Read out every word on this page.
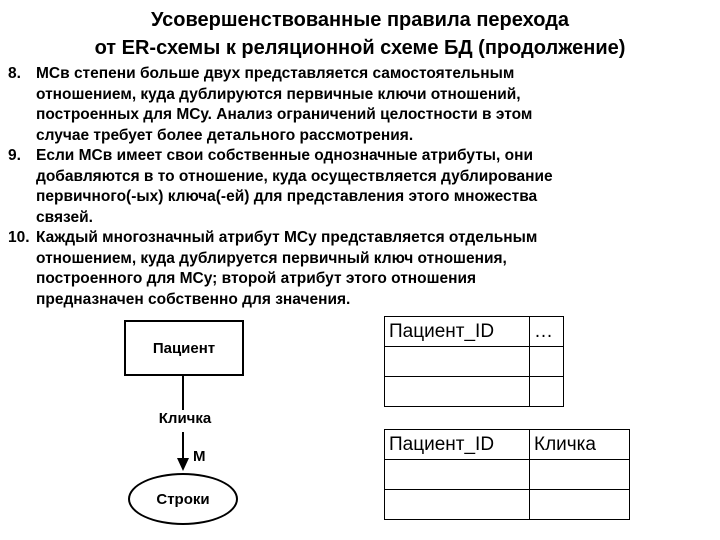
Усовершенствованные правила перехода
от ER-схемы к реляционной схеме БД (продолжение)
8. МСв степени больше двух представляется самостоятельным
отношением, куда дублируются первичные ключи отношений,
построенных для МСу. Анализ ограничений целостности в этом
случае требует более детального рассмотрения.
9. Если МСв имеет свои собственные однозначные атрибуты, они
добавляются в то отношение, куда осуществляется дублирование
первичного(-ых) ключа(-ей) для представления этого множества
связей.
10. Каждый многозначный атрибут МСу представляется отдельным
отношением, куда дублируется первичный ключ отношения,
построенного для МСу; второй атрибут этого отношения
предназначен собственно для значения.
Пациент
Кличка
М
Строки
Пациент_ID	…

Пациент_ID	Кличка
